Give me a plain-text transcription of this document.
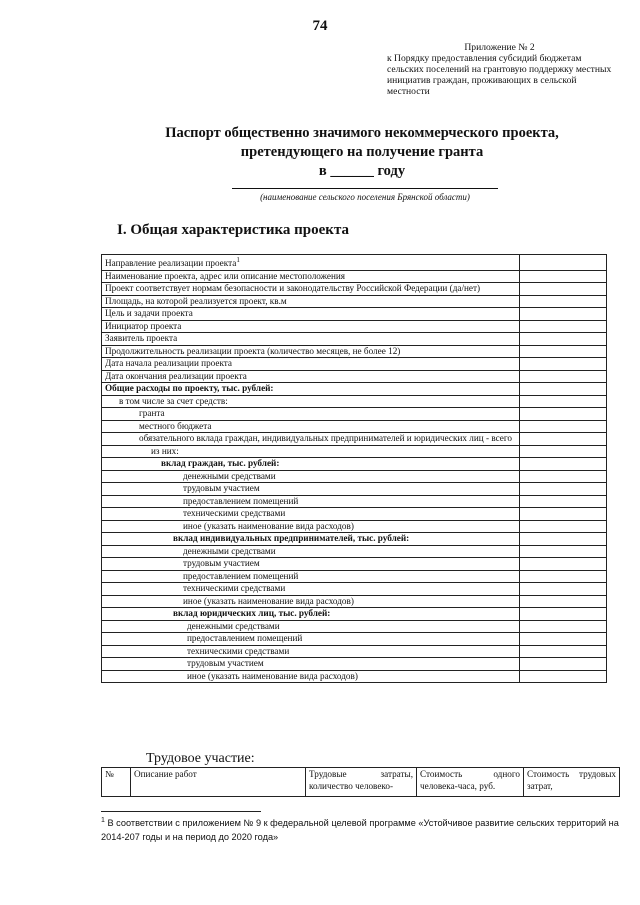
74
Приложение № 2
к Порядку предоставления субсидий бюджетам сельских поселений на грантовую поддержку местных инициатив граждан, проживающих в сельской местности
Паспорт общественно значимого некоммерческого проекта,
претендующего на получение гранта
в ______ году
(наименование сельского поселения Брянской области)
I. Общая характеристика проекта
Направление реализации проекта$^1$	
Наименование проекта, адрес или описание местоположения	
Проект соответствует нормам безопасности и законодательству Российской Федерации (да/нет)	
Площадь, на которой реализуется проект, кв.м	
Цель и задачи проекта	
Инициатор проекта	
Заявитель проекта	
Продолжительность реализации проекта (количество месяцев, не более 12)	
Дата начала реализации проекта	
Дата окончания реализации проекта	
Общие расходы по проекту, тыс. рублей:	
в том числе за счет средств:	
гранта	
местного бюджета	
обязательного вклада граждан, индивидуальных предпринимателей и юридических лиц - всего	
из них:	
вклад граждан, тыс. рублей:	
денежными средствами	
трудовым участием	
предоставлением помещений	
техническими средствами	
иное (указать наименование вида расходов)	
вклад индивидуальных предпринимателей, тыс. рублей:	
денежными средствами	
трудовым участием	
предоставлением помещений	
техническими средствами	
иное (указать наименование вида расходов)	
вклад юридических лиц, тыс. рублей:	
денежными средствами	
предоставлением помещений	
техническими средствами	
трудовым участием	
иное (указать наименование вида расходов)	
Трудовое участие:
№	Описание работ	Трудовые затраты, количество человеко-	Стоимость одного человека-часа, руб.	Стоимость трудовых затрат,
$^1$ В соответствии с приложением № 9 к федеральной целевой программе «Устойчивое развитие сельских территорий на 2014-207 годы и на период до 2020 года»
